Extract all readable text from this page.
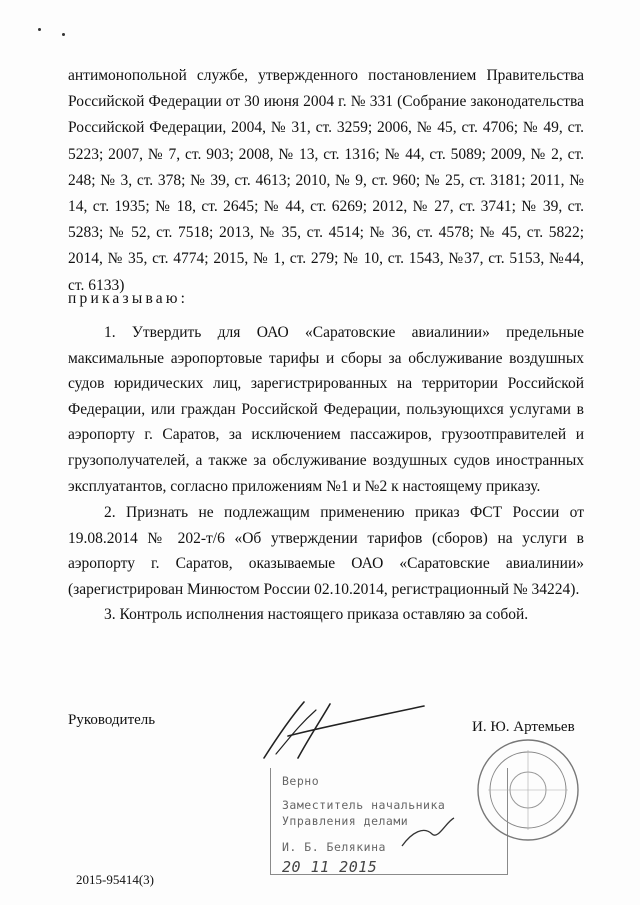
антимонопольной службе, утвержденного постановлением Правительства Российской Федерации от 30 июня 2004 г. № 331 (Собрание законодательства Российской Федерации, 2004, № 31, ст. 3259; 2006, № 45, ст. 4706; № 49, ст. 5223; 2007, № 7, ст. 903; 2008, № 13, ст. 1316; № 44, ст. 5089; 2009, № 2, ст. 248; № 3, ст. 378; № 39, ст. 4613; 2010, № 9, ст. 960; № 25, ст. 3181; 2011, № 14, ст. 1935; № 18, ст. 2645; № 44, ст. 6269; 2012, № 27, ст. 3741; № 39, ст. 5283; № 52, ст. 7518; 2013, № 35, ст. 4514; № 36, ст. 4578; № 45, ст. 5822; 2014, № 35, ст. 4774; 2015, № 1, ст. 279; № 10, ст. 1543, №37, ст. 5153, №44, ст. 6133)

приказываю:

1. Утвердить для ОАО «Саратовские авиалинии» предельные максимальные аэропортовые тарифы и сборы за обслуживание воздушных судов юридических лиц, зарегистрированных на территории Российской Федерации, или граждан Российской Федерации, пользующихся услугами в аэропорту г. Саратов, за исключением пассажиров, грузоотправителей и грузополучателей, а также за обслуживание воздушных судов иностранных эксплуатантов, согласно приложениям №1 и №2 к настоящему приказу.

2. Признать не подлежащим применению приказ ФСТ России от 19.08.2014 № 202-т/6 «Об утверждении тарифов (сборов) на услуги в аэропорту г. Саратов, оказываемые ОАО «Саратовские авиалинии» (зарегистрирован Минюстом России 02.10.2014, регистрационный № 34224).

3. Контроль исполнения настоящего приказа оставляю за собой.

Руководитель	И. Ю. Артемьев
Верно
Заместитель начальника
Управления делами
И. Б. Белякина
20 11 2015
2015-95414(3)
